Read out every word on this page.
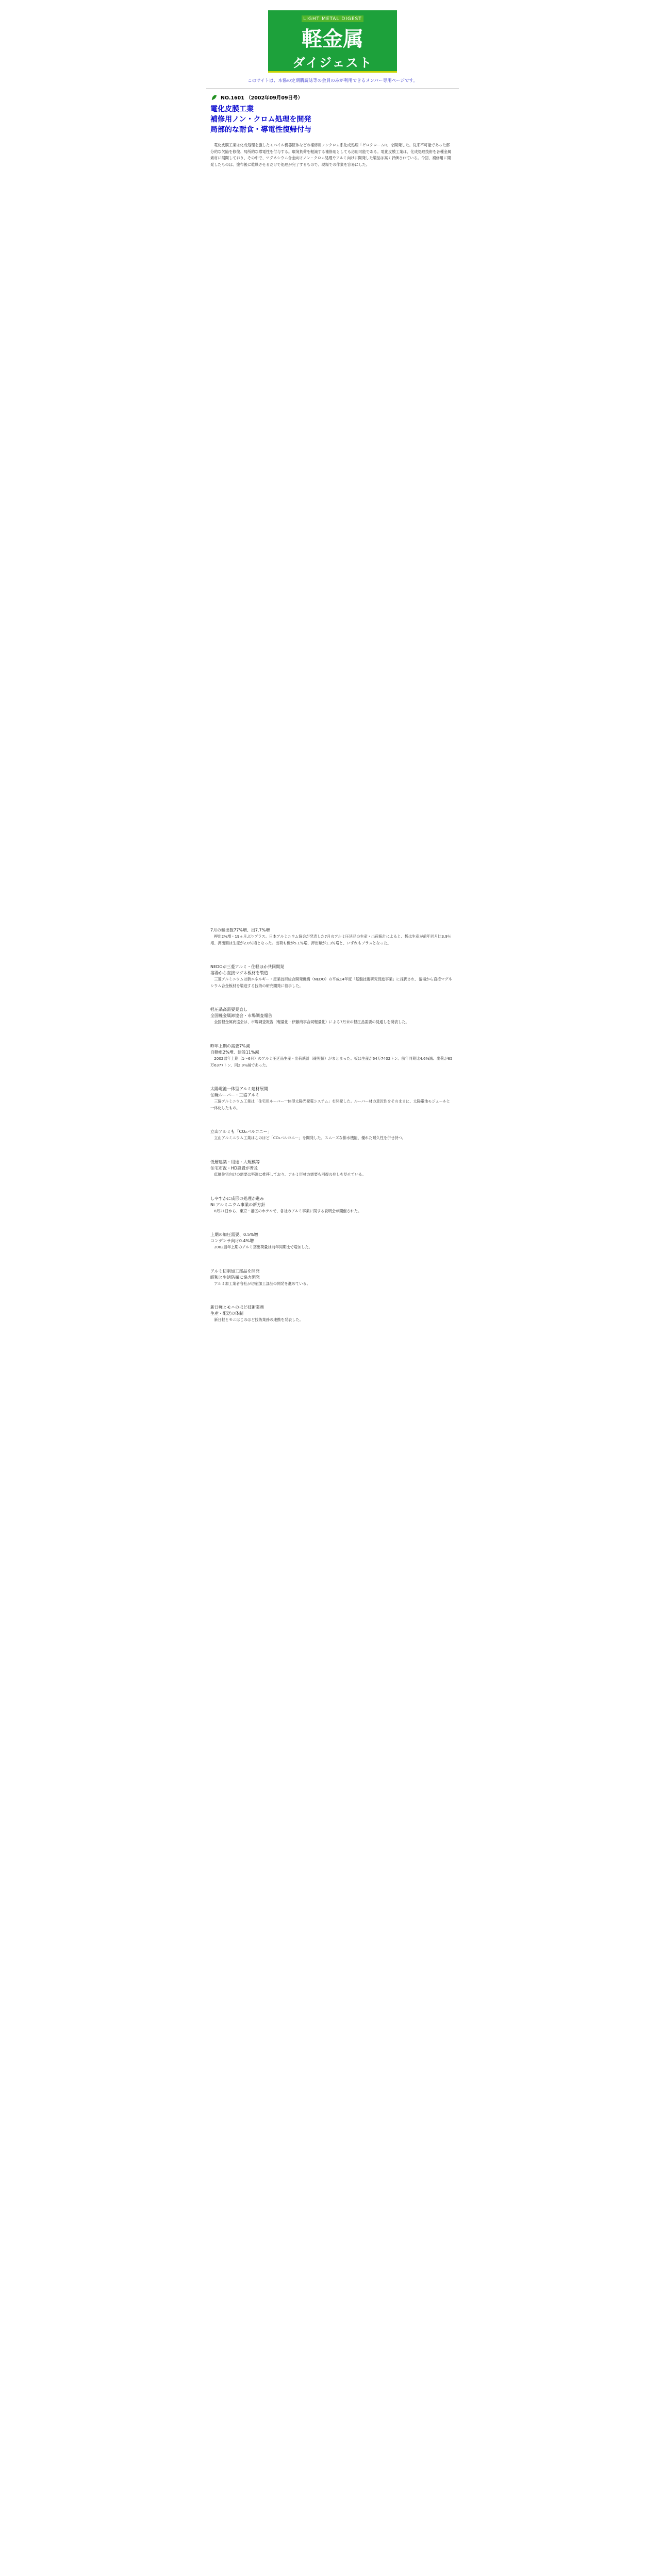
LIGHT METAL DIGEST
軽金属
ダイジェスト
このサイトは、本協の定期購読誌等の会員のみが利用できるメンバー専用ページです。
NO.1601 （2002年09月09日号）
電化皮膜工業
補修用ノン・クロム処理を開発
局部的な耐食・導電性復帰付与
電化皮膜工業は化成処理を施したモバイル機器筐体などの補修用ノンクロム系化成処理「ゼロクロームR」を開発した。従来不可能であった部分的な欠陥を修復、局所的な導電性を付与する。環境負荷を軽減する補修用としても応用可能である。電化皮膜工業は、化成処理技術を各種金属素材に展開しており、その中で、マグネシウム合金向けノン・クロム処理やアルミ向けに開発した製品は高く評価されている。今回、補修用に開発したものは、塗布後に乾燥させるだけで処理が完了するもので、現場での作業を容易にした。
7月の輸出数77%増、出7.7%増
押出2%増・19ヵ月ぶりプラス。日本アルミニウム協会が発表した7月のアルミ圧延品の生産・出荷統計によると、板は生産が前年同月比3.9％増、押出類は生産が2.0％増となった。出荷も板が5.1％増、押出類が1.3％増と、いずれもプラスとなった。
NEDOが三菱アルミ・住軽ほか共同開発
溶湯から直接マグネ板材を製造
三菱アルミニウムは新エネルギー・産業技術総合開発機構（NEDO）の平成14年度「基盤技術研究促進事業」に採択され、溶湯から直接マグネシウム合金板材を製造する技術の研究開発に着手した。
軽圧品高需要見直し
全国軽金属卸協会・市場調査報告
全国軽金属商協会は、市場調査報告（軽量化・伊藤商事合同軽量化）による7月末の軽圧品需要の見通しを発表した。
昨年上期の需要7%減
自動車2%増、建設11%減
2002暦年上期（1〜6月）のアルミ圧延品生産・出荷統計（確報値）がまとまった。板は生産が64万7402トン、前年同期比4.6%減、出荷が65万6377トン、同2.9%減であった。
太陽電池一体型アルミ建材展開
住軽ルーバー・三協アルミ
三協アルミニウム工業は「住宅用ルーバー一体型太陽光発電システム」を開発した。ルーバー材の意匠性をそのままに、太陽電池モジュールと一体化したもの。
立山アルミも「CO₂バルコニー」
立山アルミニウム工業はこのほど「CO₂バルコニー」を開発した。スムーズな排水機能、優れた耐久性を併せ持つ。
低層建築・用途・大規模等
住宅市況・HD設置が普及
低層住宅向けの需要は堅調に推移しており、アルミ形材の需要も回復の兆しを見せている。
しやすかに成形の処理が進み
Ni アルミニウム事業の新方針
8月21日から、東京・港区のホテルで、各社のアルミ事業に関する説明会が開催された。
上期の加圧需要、0.5%増
コンデンサ向け0.4%増
2002暦年上期のアルミ箔出荷量は前年同期比で増加した。
アルミ切削加工部品を開発
昭和と生活防衛に協力開発
アルミ加工業者各社が切削加工部品の開発を進めている。
新日軽とモニのほど技術業務
生産・配送の体制
新日軽とモニはこのほど技術業務の連携を発表した。
